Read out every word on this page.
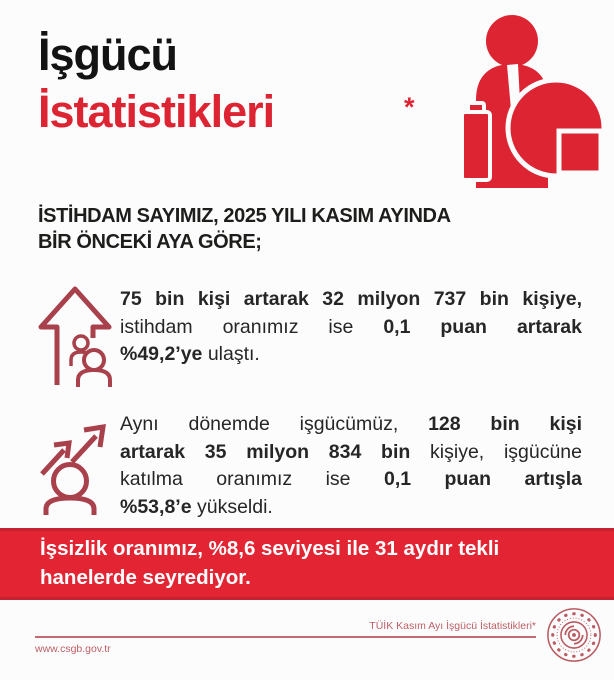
İşgücü
İstatistikleri	*
İSTİHDAM SAYIMIZ, 2025 YILI KASIM AYINDA
BİR ÖNCEKİ AYA GÖRE;
75 bin kişi artarak 32 milyon 737 bin kişiye,
istihdam oranımız ise 0,1 puan artarak
%49,2’ye ulaştı.
Aynı dönemde işgücümüz, 128 bin kişi
artarak 35 milyon 834 bin kişiye, işgücüne
katılma oranımız ise 0,1 puan artışla
%53,8’e yükseldi.
İşsizlik oranımız, %8,6 seviyesi ile 31 aydır tekli
hanelerde seyrediyor.
TÜİK Kasım Ayı İşgücü İstatistikleri*
www.csgb.gov.tr
